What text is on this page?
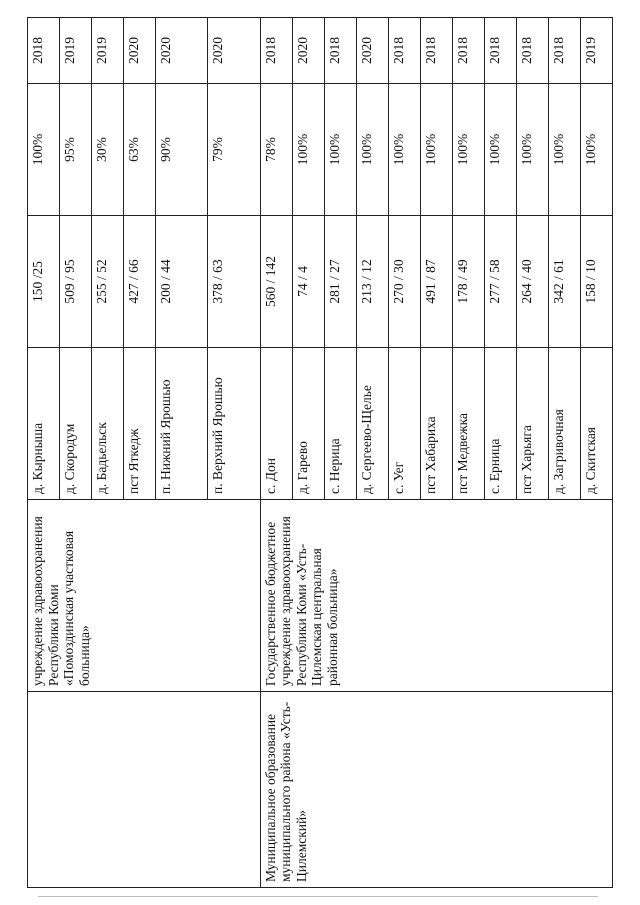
	учреждение здравоохранения Республики Коми «Помоздинская участковая больница»	д. Кырныша	150 /25	100%	2018
		д. Скородум	509 / 95	95%	2019
		д. Бадьельск	255 / 52	30%	2019
		пст Яткедж	427 / 66	63%	2020
		п. Нижний Ярошью	200 / 44	90%	2020
		п. Верхний Ярошью	378 / 63	79%	2020
Муниципальное образование муниципального района «Усть-Цилемский»	Государственное бюджетное учреждение здравоохранения Республики Коми «Усть-Цилемская центральная районная больница»	с. Дон	560 / 142	78%	2018
		д. Гарево	74 / 4	100%	2020
		с. Нерица	281 / 27	100%	2018
		д. Сергеево-Щелье	213 / 12	100%	2020
		с. Уег	270 / 30	100%	2018
		пст Хабариха	491 / 87	100%	2018
		пст Медвежка	178 / 49	100%	2018
		с. Ерница	277 / 58	100%	2018
		пст Харьяга	264 / 40	100%	2018
		д. Загривочная	342 / 61	100%	2018
		д. Скитская	158 / 10	100%	2019
